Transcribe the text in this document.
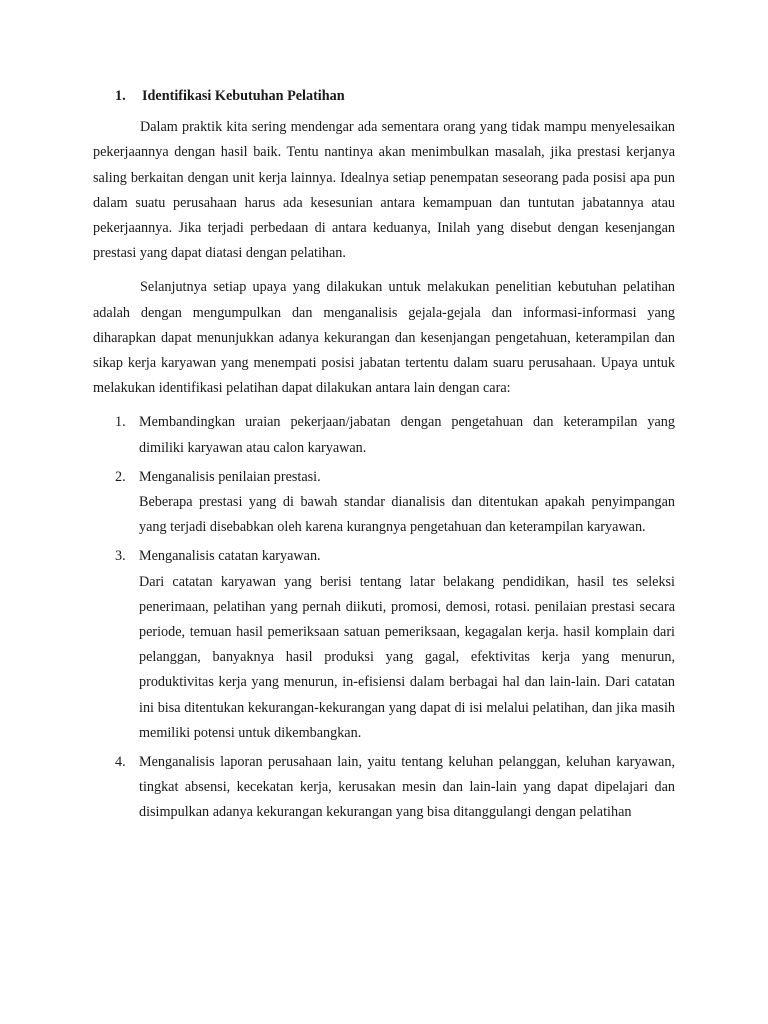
1.	Identifikasi Kebutuhan Pelatihan

Dalam praktik kita sering mendengar ada sementara orang yang tidak mampu menyelesaikan pekerjaannya dengan hasil baik. Tentu nantinya akan menimbulkan masalah, jika prestasi kerjanya saling berkaitan dengan unit kerja lainnya. Idealnya setiap penempatan seseorang pada posisi apa pun dalam suatu perusahaan harus ada kesesunian antara kemampuan dan tuntutan jabatannya atau pekerjaannya. Jika terjadi perbedaan di antara keduanya, Inilah yang disebut dengan kesenjangan prestasi yang dapat diatasi dengan pelatihan.

Selanjutnya setiap upaya yang dilakukan untuk melakukan penelitian kebutuhan pelatihan adalah dengan mengumpulkan dan menganalisis gejala-gejala dan informasi-informasi yang diharapkan dapat menunjukkan adanya kekurangan dan kesenjangan pengetahuan, keterampilan dan sikap kerja karyawan yang menempati posisi jabatan tertentu dalam suaru perusahaan. Upaya untuk melakukan identifikasi pelatihan dapat dilakukan antara lain dengan cara:

1. Membandingkan uraian pekerjaan/jabatan dengan pengetahuan dan keterampilan yang dimiliki karyawan atau calon karyawan.

2. Menganalisis penilaian prestasi.

Beberapa prestasi yang di bawah standar dianalisis dan ditentukan apakah penyimpangan yang terjadi disebabkan oleh karena kurangnya pengetahuan dan keterampilan karyawan.

3. Menganalisis catatan karyawan.

Dari catatan karyawan yang berisi tentang latar belakang pendidikan, hasil tes seleksi penerimaan, pelatihan yang pernah diikuti, promosi, demosi, rotasi. penilaian prestasi secara periode, temuan hasil pemeriksaan satuan pemeriksaan, kegagalan kerja. hasil komplain dari pelanggan, banyaknya hasil produksi yang gagal, efektivitas kerja yang menurun, produktivitas kerja yang menurun, in-efisiensi dalam berbagai hal dan lain-lain. Dari catatan ini bisa ditentukan kekurangan-kekurangan yang dapat di isi melalui pelatihan, dan jika masih memiliki potensi untuk dikembangkan.

4. Menganalisis laporan perusahaan lain, yaitu tentang keluhan pelanggan, keluhan karyawan, tingkat absensi, kecekatan kerja, kerusakan mesin dan lain-lain yang dapat dipelajari dan disimpulkan adanya kekurangan kekurangan yang bisa ditanggulangi dengan pelatihan
